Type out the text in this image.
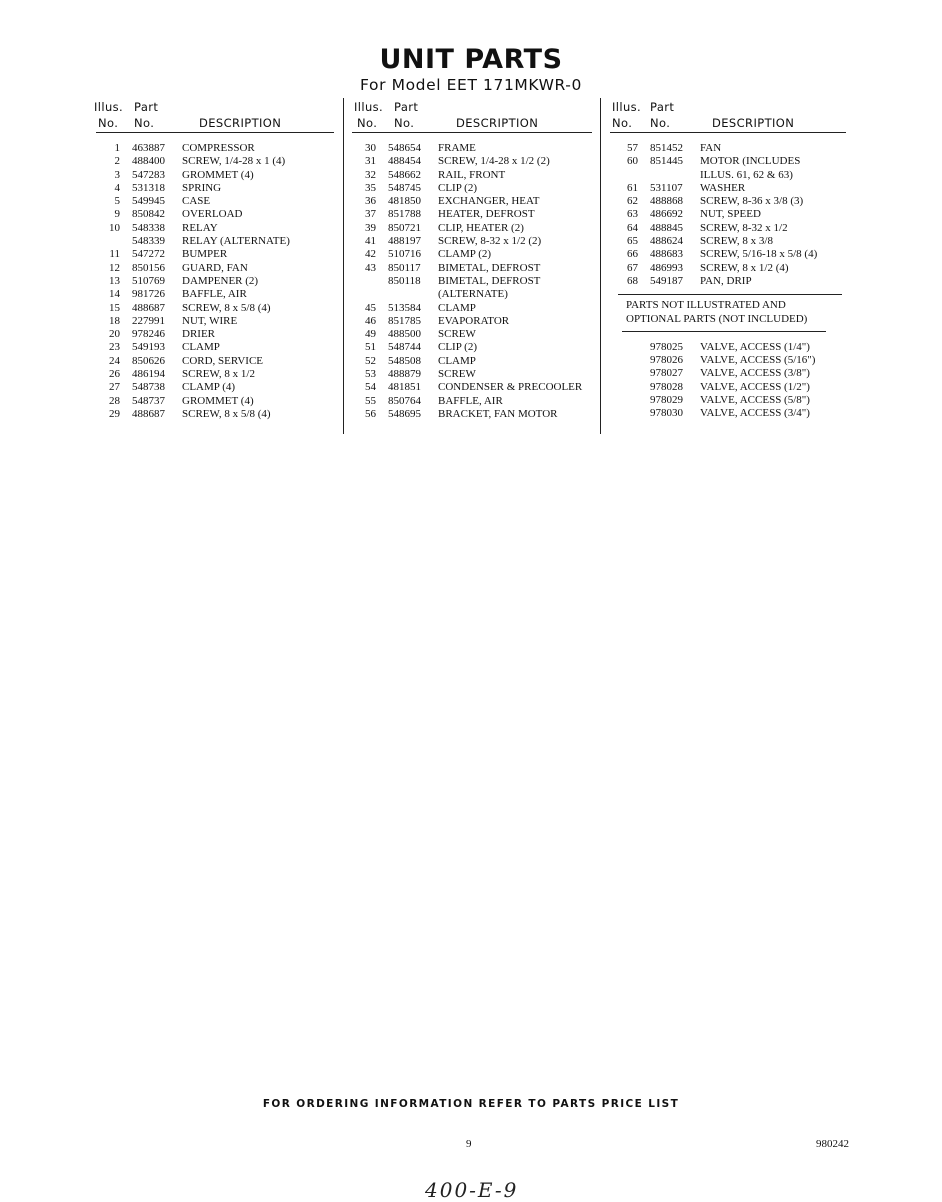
UNIT PARTS
For Model EET 171MKWR-0
Illus.
No.
Part
No.	DESCRIPTION
1 463887 COMPRESSOR
2 488400 SCREW, 1/4-28 x 1 (4)
3 547283 GROMMET (4)
4 531318 SPRING
5 549945 CASE
9 850842 OVERLOAD
10 548338 RELAY
548339 RELAY (ALTERNATE)
11 547272 BUMPER
12 850156 GUARD, FAN
13 510769 DAMPENER (2)
14 981726 BAFFLE, AIR
15 488687 SCREW, 8 x 5/8 (4)
18 227991 NUT, WIRE
20 978246 DRIER
23 549193 CLAMP
24 850626 CORD, SERVICE
26 486194 SCREW, 8 x 1/2
27 548738 CLAMP (4)
28 548737 GROMMET (4)
29 488687 SCREW, 8 x 5/8 (4)
Illus.
No.
Part
No.	DESCRIPTION
30 548654 FRAME
31 488454 SCREW, 1/4-28 x 1/2 (2)
32 548662 RAIL, FRONT
35 548745 CLIP (2)
36 481850 EXCHANGER, HEAT
37 851788 HEATER, DEFROST
39 850721 CLIP, HEATER (2)
41 488197 SCREW, 8-32 x 1/2 (2)
42 510716 CLAMP (2)
43 850117 BIMETAL, DEFROST
850118 BIMETAL, DEFROST
(ALTERNATE)
45 513584 CLAMP
46 851785 EVAPORATOR
49 488500 SCREW
51 548744 CLIP (2)
52 548508 CLAMP
53 488879 SCREW
54 481851 CONDENSER & PRECOOLER
55 850764 BAFFLE, AIR
56 548695 BRACKET, FAN MOTOR
Illus.
No.
Part
No.	DESCRIPTION
57 851452 FAN
60 851445 MOTOR (INCLUDES
ILLUS. 61, 62 & 63)
61 531107 WASHER
62 488868 SCREW, 8-36 x 3/8 (3)
63 486692 NUT, SPEED
64 488845 SCREW, 8-32 x 1/2
65 488624 SCREW, 8 x 3/8
66 488683 SCREW, 5/16-18 x 5/8 (4)
67 486993 SCREW, 8 x 1/2 (4)
68 549187 PAN, DRIP
PARTS NOT ILLUSTRATED AND
OPTIONAL PARTS (NOT INCLUDED)
978025 VALVE, ACCESS (1/4")
978026 VALVE, ACCESS (5/16")
978027 VALVE, ACCESS (3/8")
978028 VALVE, ACCESS (1/2")
978029 VALVE, ACCESS (5/8")
978030 VALVE, ACCESS (3/4")
FOR ORDERING INFORMATION REFER TO PARTS PRICE LIST
9	980242
400-E-9
